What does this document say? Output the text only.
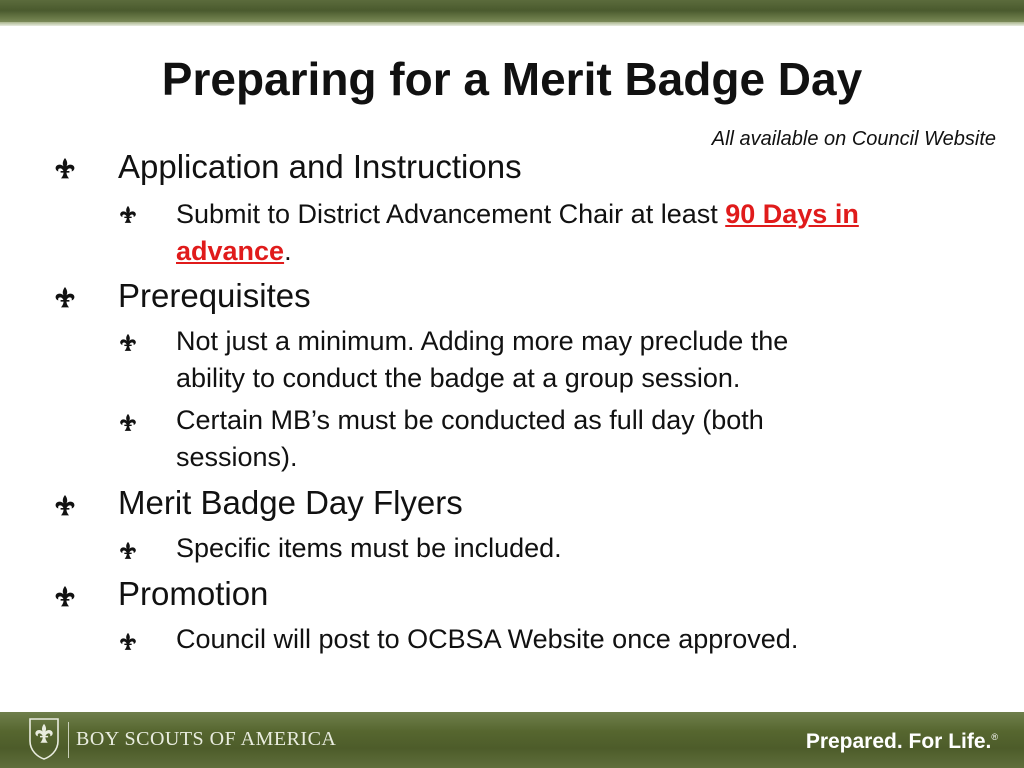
Preparing for a Merit Badge Day
All available on Council Website
Application and Instructions
Submit to District Advancement Chair at least 90 Days in
advance.
Prerequisites
Not just a minimum. Adding more may preclude the
ability to conduct the badge at a group session.
Certain MB’s must be conducted as full day (both
sessions).
Merit Badge Day Flyers
Specific items must be included.
Promotion
Council will post to OCBSA Website once approved.
BOY SCOUTS OF AMERICA	Prepared. For Life.®
